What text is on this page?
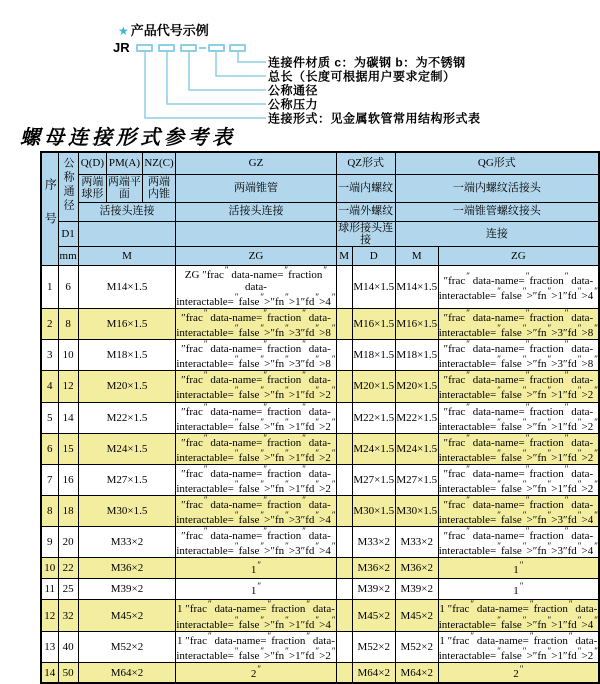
★ 产品代号示例
JR
连接件材质 c：为碳钢 b：为不锈钢
总长（长度可根据用户要求定制）
公称通径
公称压力
连接形式：见金属软管常用结构形式表
螺母连接形式参考表
序号	公称通径	Q(D)	PM(A)	NZ(C)	GZ	QZ形式		QG形式	
		两端球形	两端平面	两端内锥	两端锥管	一端内螺纹		一端内螺纹活接头	
		活接头连接			活接头连接	一端外螺纹		一端锥管螺纹接头	
	D1					球形接头连接		连接	
	mm	M			ZG	M	D	M	ZG
1	6	M14×1.5			ZG ″frac″ data-name=″fraction″ data-interactable=″false″>″fn″>1″fd″>4″		M14×1.5	M14×1.5	″frac″ data-name=″fraction″ data-interactable=″false″>″fn″>1″fd″>4″
2	8	M16×1.5			″frac″ data-name=″fraction″ data-interactable=″false″>″fn″>3″fd″>8″		M16×1.5	M16×1.5	″frac″ data-name=″fraction″ data-interactable=″false″>″fn″>3″fd″>8″
3	10	M18×1.5			″frac″ data-name=″fraction″ data-interactable=″false″>″fn″>3″fd″>8″		M18×1.5	M18×1.5	″frac″ data-name=″fraction″ data-interactable=″false″>″fn″>3″fd″>8″
4	12	M20×1.5			″frac″ data-name=″fraction″ data-interactable=″false″>″fn″>1″fd″>2″		M20×1.5	M20×1.5	″frac″ data-name=″fraction″ data-interactable=″false″>″fn″>1″fd″>2″
5	14	M22×1.5			″frac″ data-name=″fraction″ data-interactable=″false″>″fn″>1″fd″>2″		M22×1.5	M22×1.5	″frac″ data-name=″fraction″ data-interactable=″false″>″fn″>1″fd″>2″
6	15	M24×1.5			″frac″ data-name=″fraction″ data-interactable=″false″>″fn″>1″fd″>2″		M24×1.5	M24×1.5	″frac″ data-name=″fraction″ data-interactable=″false″>″fn″>1″fd″>2″
7	16	M27×1.5			″frac″ data-name=″fraction″ data-interactable=″false″>″fn″>1″fd″>2″		M27×1.5	M27×1.5	″frac″ data-name=″fraction″ data-interactable=″false″>″fn″>1″fd″>2″
8	18	M30×1.5			″frac″ data-name=″fraction″ data-interactable=″false″>″fn″>3″fd″>4″		M30×1.5	M30×1.5	″frac″ data-name=″fraction″ data-interactable=″false″>″fn″>3″fd″>4″
9	20	M33×2			″frac″ data-name=″fraction″ data-interactable=″false″>″fn″>3″fd″>4″		M33×2	M33×2	″frac″ data-name=″fraction″ data-interactable=″false″>″fn″>3″fd″>4″
10	22	M36×2			1″		M36×2	M36×2	1″
11	25	M39×2			1″		M39×2	M39×2	1″
12	32	M45×2			1 ″frac″ data-name=″fraction″ data-interactable=″false″>″fn″>1″fd″>4″		M45×2	M45×2	1 ″frac″ data-name=″fraction″ data-interactable=″false″>″fn″>1″fd″>4″
13	40	M52×2			1 ″frac″ data-name=″fraction″ data-interactable=″false″>″fn″>1″fd″>2″		M52×2	M52×2	1 ″frac″ data-name=″fraction″ data-interactable=″false″>″fn″>1″fd″>2″
14	50	M64×2			2″		M64×2	M64×2	2″
